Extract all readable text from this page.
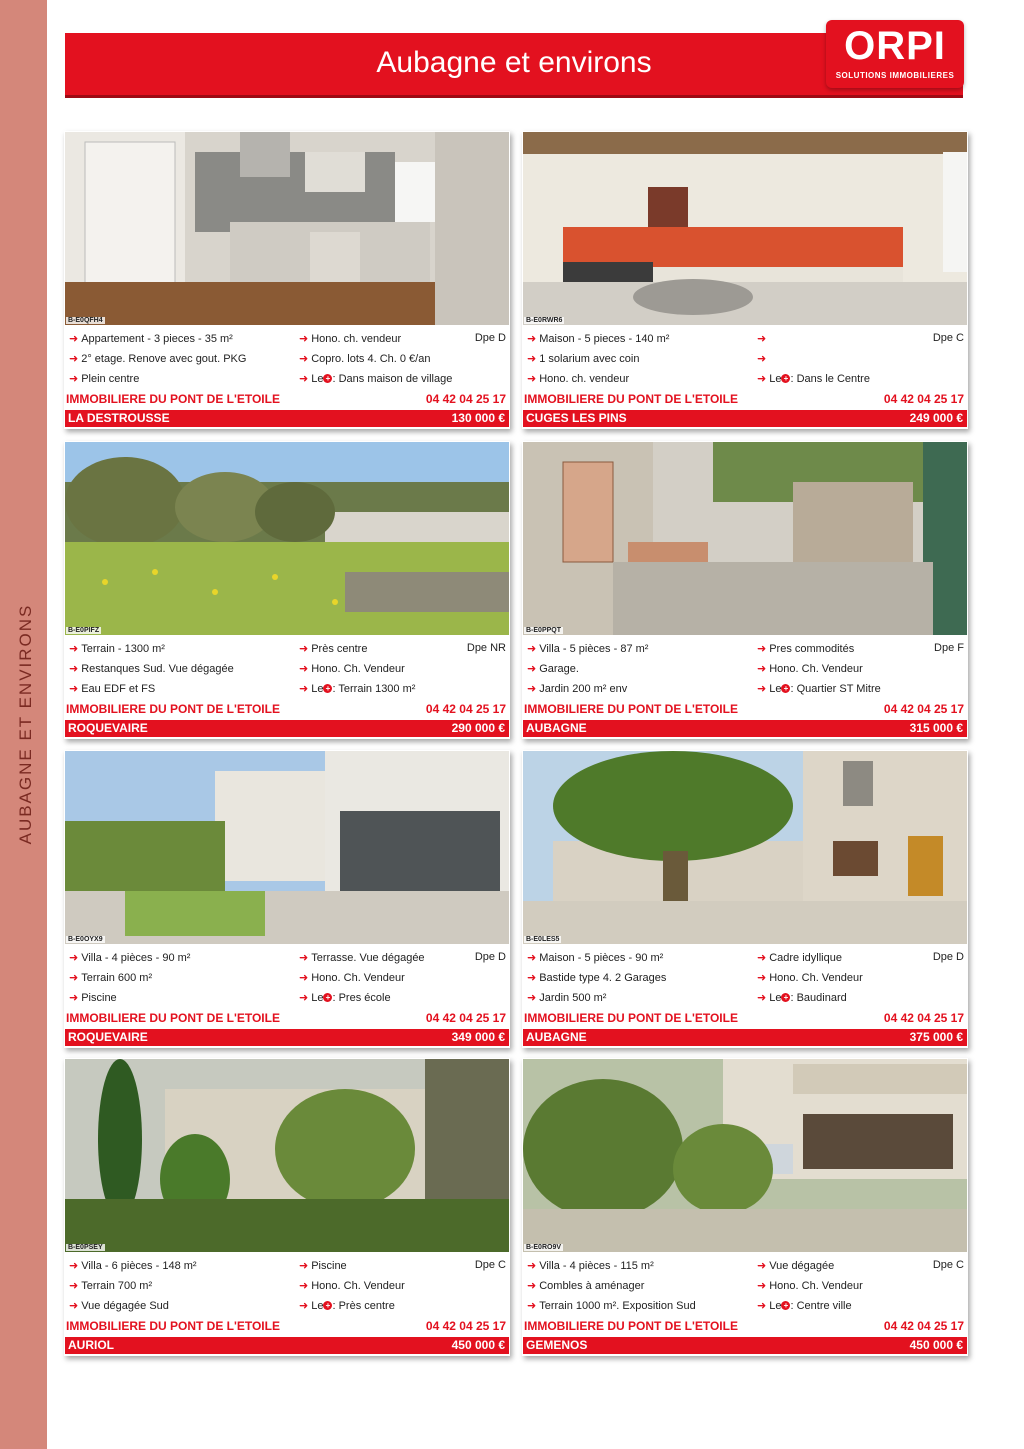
AUBAGNE ET ENVIRONS
Aubagne et environs	ORPI
SOLUTIONS IMMOBILIERES
B-E0QFH4
➜ Appartement - 3 pieces - 35 m²
➜ 2° etage. Renove avec gout. PKG
➜ Plein centre
➜ Hono. ch. vendeur
➜ Copro. lots 4. Ch. 0 €/an
➜ Le + : Dans maison de village
Dpe D
IMMOBILIERE DU PONT DE L'ETOILE	04 42 04 25 17
LA DESTROUSSE	130 000 €
B-E0RWR6
➜ Maison - 5 pieces - 140 m²
➜ 1 solarium avec coin
➜ Hono. ch. vendeur
➜
➜
➜ Le + : Dans le Centre
Dpe C
IMMOBILIERE DU PONT DE L'ETOILE	04 42 04 25 17
CUGES LES PINS	249 000 €
B-E0PIFZ
➜ Terrain - 1300 m²
➜ Restanques Sud. Vue dégagée
➜ Eau EDF et FS
➜ Près centre
➜ Hono. Ch. Vendeur
➜ Le + : Terrain 1300 m²
Dpe NR
IMMOBILIERE DU PONT DE L'ETOILE	04 42 04 25 17
ROQUEVAIRE	290 000 €
B-E0PPQT
➜ Villa - 5 pièces - 87 m²
➜ Garage.
➜ Jardin 200 m² env
➜ Pres commodités
➜ Hono. Ch. Vendeur
➜ Le + : Quartier ST Mitre
Dpe F
IMMOBILIERE DU PONT DE L'ETOILE	04 42 04 25 17
AUBAGNE	315 000 €
B-E0OYX9
➜ Villa - 4 pièces - 90 m²
➜ Terrain 600 m²
➜ Piscine
➜ Terrasse. Vue dégagée
➜ Hono. Ch. Vendeur
➜ Le + : Pres école
Dpe D
IMMOBILIERE DU PONT DE L'ETOILE	04 42 04 25 17
ROQUEVAIRE	349 000 €
B-E0LES5
➜ Maison - 5 pièces - 90 m²
➜ Bastide type 4. 2 Garages
➜ Jardin 500 m²
➜ Cadre idyllique
➜ Hono. Ch. Vendeur
➜ Le + : Baudinard
Dpe D
IMMOBILIERE DU PONT DE L'ETOILE	04 42 04 25 17
AUBAGNE	375 000 €
B-E0PSEY
➜ Villa - 6 pièces - 148 m²
➜ Terrain 700 m²
➜ Vue dégagée Sud
➜ Piscine
➜ Hono. Ch. Vendeur
➜ Le + : Près centre
Dpe C
IMMOBILIERE DU PONT DE L'ETOILE	04 42 04 25 17
AURIOL	450 000 €
B-E0RO9V
➜ Villa - 4 pièces - 115 m²
➜ Combles à aménager
➜ Terrain 1000 m². Exposition Sud
➜ Vue dégagée
➜ Hono. Ch. Vendeur
➜ Le + : Centre ville
Dpe C
IMMOBILIERE DU PONT DE L'ETOILE	04 42 04 25 17
GEMENOS	450 000 €
